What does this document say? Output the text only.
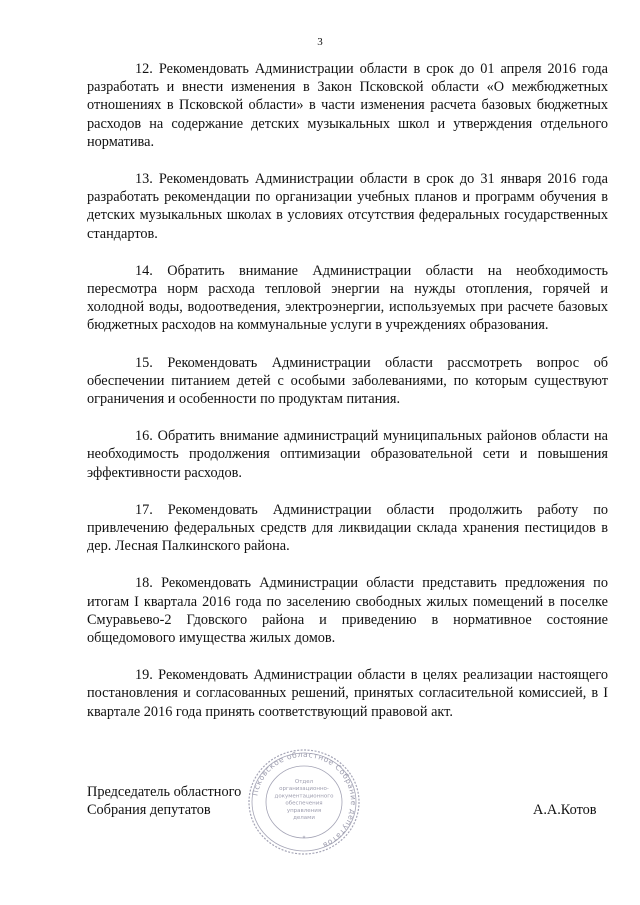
3

12. Рекомендовать Администрации области в срок до 01 апреля 2016 года разработать и внести изменения в Закон Псковской области «О межбюджетных отношениях в Псковской области» в части изменения расчета базовых бюджетных расходов на содержание детских музыкальных школ и утверждения отдельного норматива.

13. Рекомендовать Администрации области в срок до 31 января 2016 года разработать рекомендации по организации учебных планов и программ обучения в детских музыкальных школах в условиях отсутствия федеральных государственных стандартов.

14. Обратить внимание Администрации области на необходимость пересмотра норм расхода тепловой энергии на нужды отопления, горячей и холодной воды, водоотведения, электроэнергии, используемых при расчете базовых бюджетных расходов на коммунальные услуги в учреждениях образования.

15. Рекомендовать Администрации области рассмотреть вопрос об обеспечении питанием детей с особыми заболеваниями, по которым существуют ограничения и особенности по продуктам питания.

16. Обратить внимание администраций муниципальных районов области на необходимость продолжения оптимизации образовательной сети и повышения эффективности расходов.

17. Рекомендовать Администрации области продолжить работу по привлечению федеральных средств для ликвидации склада хранения пестицидов в дер. Лесная Палкинского района.

18. Рекомендовать Администрации области представить предложения по итогам I квартала 2016 года по заселению свободных жилых помещений в поселке Смуравьево-2 Гдовского района и приведению в нормативное состояние общедомового имущества жилых домов.

19. Рекомендовать Администрации области в целях реализации настоящего постановления и согласованных решений, принятых согласительной комиссией, в I квартале 2016 года принять соответствующий правовой акт.

Председатель областного
Собрания депутатов	А.А.Котов
Псковское областное Собрание депутатов
Отдел
организационно-
документационного
обеспечения
управления
делами
*
